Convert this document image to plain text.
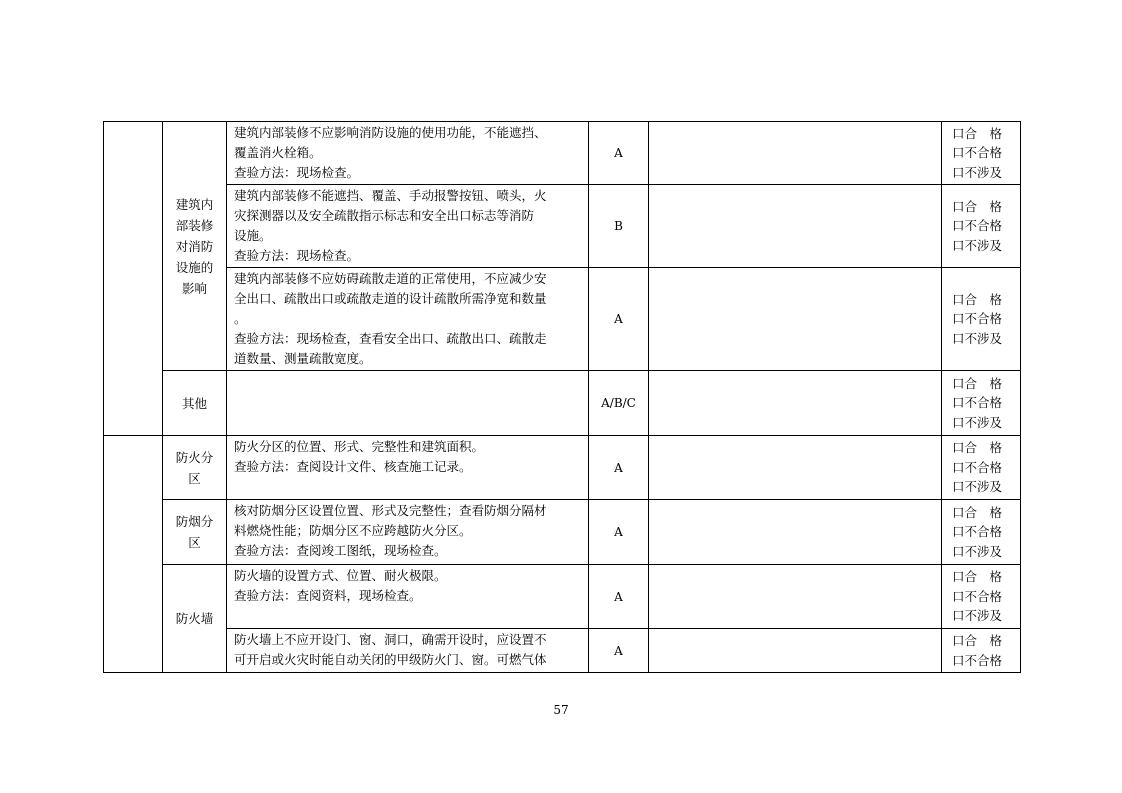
	建筑内部装修对消防设施的影响	建筑内部装修不应影响消防设施的使用功能，不能遮挡、
覆盖消火栓箱。
查验方法：现场检查。	A		口合　格
口不合格
口不涉及

		建筑内部装修不能遮挡、覆盖、手动报警按钮、喷头，火
灾探测器以及安全疏散指示标志和安全出口标志等消防
设施。
查验方法：现场检查。	B		口合　格
口不合格
口不涉及

		建筑内部装修不应妨碍疏散走道的正常使用，不应减少安
全出口、疏散出口或疏散走道的设计疏散所需净宽和数量
。
查验方法：现场检查，查看安全出口、疏散出口、疏散走
道数量、测量疏散宽度。	A		口合　格
口不合格
口不涉及

	其他		A/B/C		口合　格
口不合格
口不涉及

	防火分区	防火分区的位置、形式、完整性和建筑面积。
查验方法：查阅设计文件、核查施工记录。	A		口合　格
口不合格
口不涉及

	防烟分区	核对防烟分区设置位置、形式及完整性；查看防烟分隔材
料燃烧性能；防烟分区不应跨越防火分区。
查验方法：查阅竣工图纸，现场检查。	A		口合　格
口不合格
口不涉及

	防火墙	防火墙的设置方式、位置、耐火极限。
查验方法：查阅资料，现场检查。	A		口合　格
口不合格
口不涉及

		防火墙上不应开设门、窗、洞口，确需开设时，应设置不
可开启或火灾时能自动关闭的甲级防火门、窗。可燃气体	A		口合　格
口不合格
57
